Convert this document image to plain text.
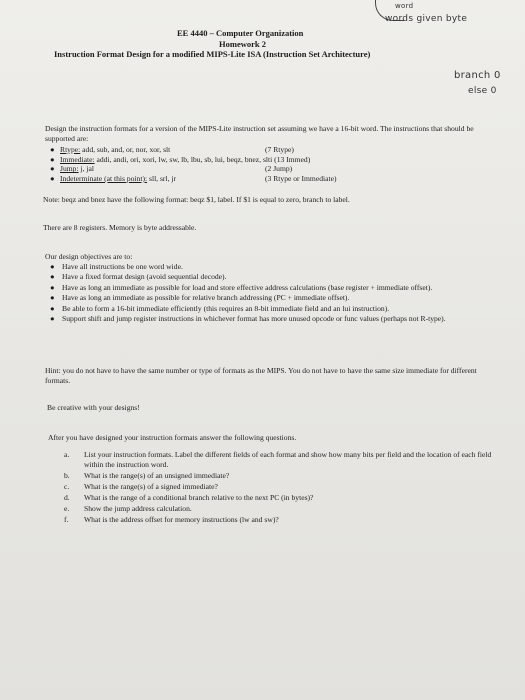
word
words given byte
branch 0
else 0
EE 4440 – Computer Organization
Homework 2
Instruction Format Design for a modified MIPS-Lite ISA (Instruction Set Architecture)
Design the instruction formats for a version of the MIPS-Lite instruction set assuming we have a 16-bit word. The instructions that should be supported are:
● Rtype: add, sub, and, or, nor, xor, slt	(7 Rtype)
● Immediate: addi, andi, ori, xori, lw, sw, lb, lbu, sb, lui, beqz, bnez, slti (13 Immed)
● Jump: j, jal	(2 Jump)
● Indeterminate (at this point): sll, srl, jr	(3 Rtype or Immediate)
Note: beqz and bnez have the following format: beqz $1, label. If $1 is equal to zero, branch to label.
There are 8 registers. Memory is byte addressable.
Our design objectives are to:
● Have all instructions be one word wide.
● Have a fixed format design (avoid sequential decode).
● Have as long an immediate as possible for load and store effective address calculations (base register + immediate offset).
● Have as long an immediate as possible for relative branch addressing (PC + immediate offset).
● Be able to form a 16-bit immediate efficiently (this requires an 8-bit immediate field and an lui instruction).
● Support shift and jump register instructions in whichever format has more unused opcode or func values (perhaps not R-type).
Hint: you do not have to have the same number or type of formats as the MIPS. You do not have to have the same size immediate for different formats.
Be creative with your designs!
After you have designed your instruction formats answer the following questions.
a. List your instruction formats. Label the different fields of each format and show how many bits per field and the location of each field within the instruction word.
b. What is the range(s) of an unsigned immediate?
c. What is the range(s) of a signed immediate?
d. What is the range of a conditional branch relative to the next PC (in bytes)?
e. Show the jump address calculation.
f. What is the address offset for memory instructions (lw and sw)?
